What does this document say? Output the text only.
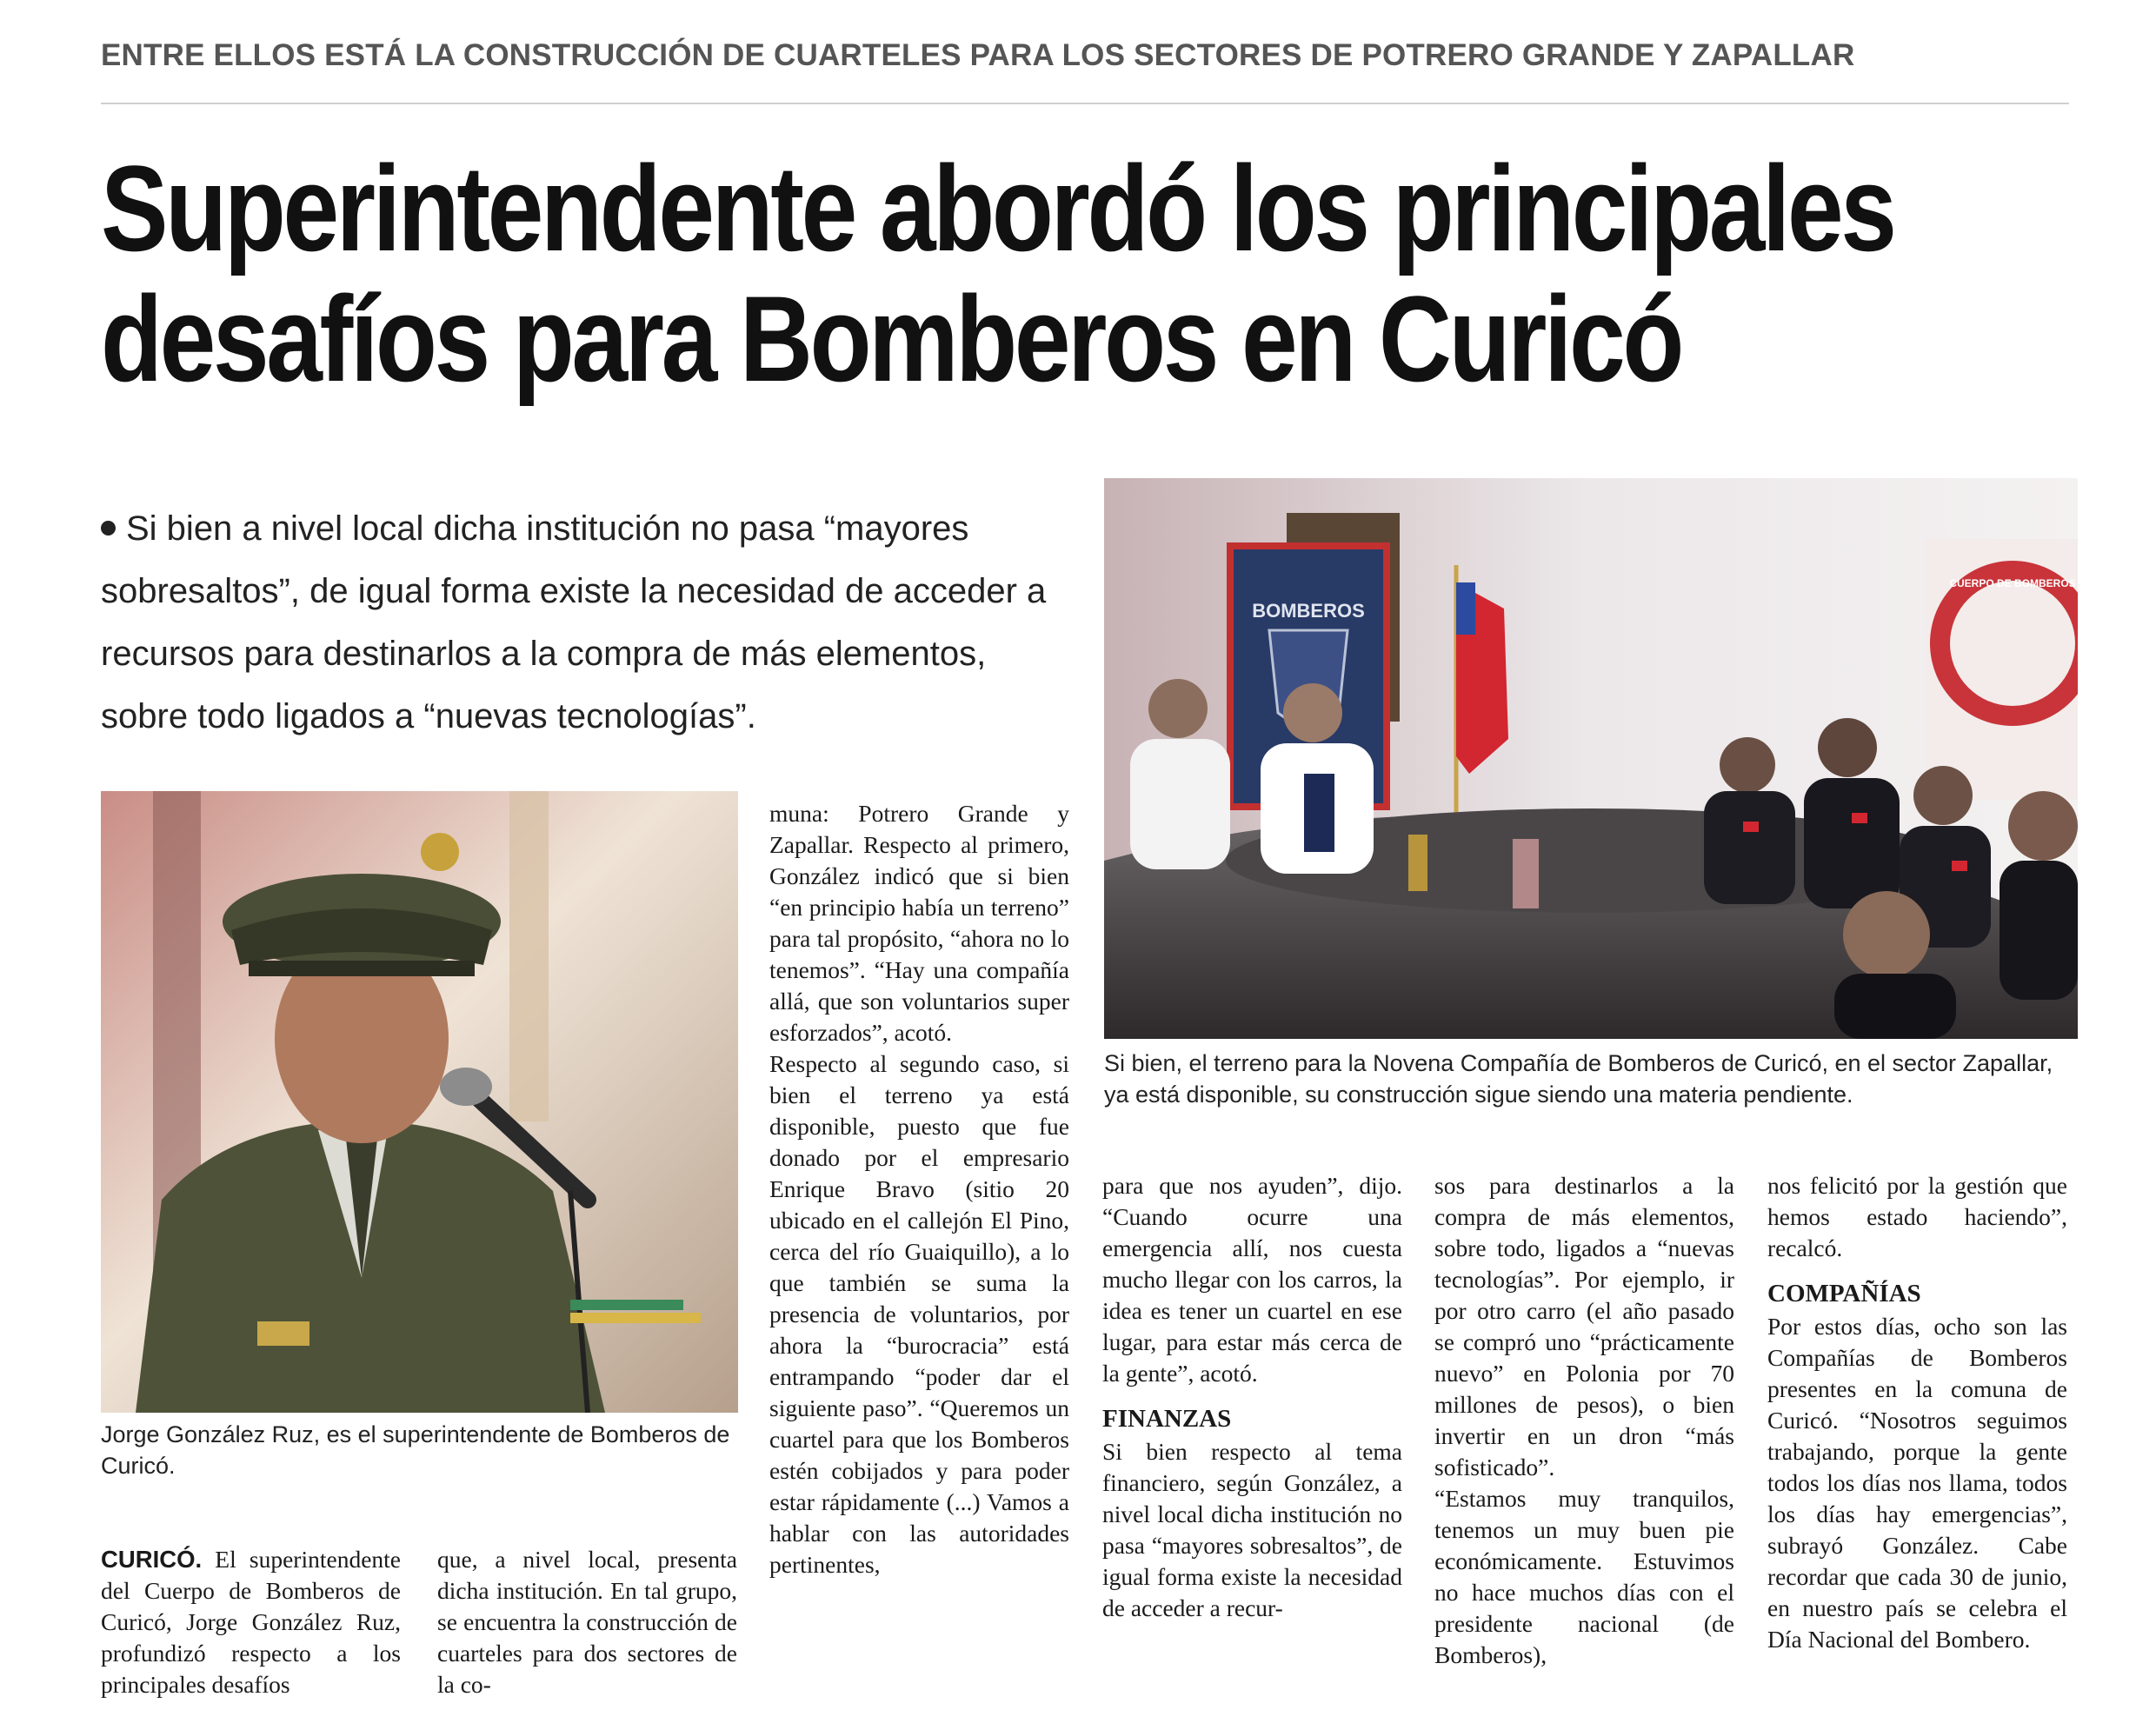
ENTRE ELLOS ESTÁ LA CONSTRUCCIÓN DE CUARTELES PARA LOS SECTORES DE POTRERO GRANDE Y ZAPALLAR
Superintendente abordó los principales
desafíos para Bomberos en Curicó
Si bien a nivel local dicha institución no pasa “mayores sobresaltos”, de igual forma existe la necesidad de acceder a recursos para destinarlos a la compra de más elementos, sobre todo ligados a “nuevas tecnologías”.
BOMBEROS
CUERPO DE BOMBEROS
Si bien, el terreno para la Novena Compañía de Bomberos de Curicó, en el sector Zapallar, ya está disponible, su construcción sigue siendo una materia pendiente.
Jorge González Ruz, es el superintendente de Bomberos de Curicó.

CURICÓ. El superintendente del Cuerpo de Bomberos de Curicó, Jorge González Ruz, profundizó respecto a los principales desafíos

que, a nivel local, presenta dicha institución. En tal grupo, se encuentra la construcción de cuarteles para dos sectores de la co-

muna: Potrero Grande y Zapallar. Respecto al primero, González indicó que si bien “en principio había un terreno” para tal propósito, “ahora no lo tenemos”. “Hay una compañía allá, que son voluntarios super esforzados”, acotó.

Respecto al segundo caso, si bien el terreno ya está disponible, puesto que fue donado por el empresario Enrique Bravo (sitio 20 ubicado en el callejón El Pino, cerca del río Guaiquillo), a lo que también se suma la presencia de voluntarios, por ahora la “burocracia” está entrampando “poder dar el siguiente paso”. “Queremos un cuartel para que los Bomberos estén cobijados y para poder estar rápidamente (...) Vamos a hablar con las autoridades pertinentes,

para que nos ayuden”, dijo. “Cuando ocurre una emergencia allí, nos cuesta mucho llegar con los carros, la idea es tener un cuartel en ese lugar, para estar más cerca de la gente”, acotó.

FINANZAS

Si bien respecto al tema financiero, según González, a nivel local dicha institución no pasa “mayores sobresaltos”, de igual forma existe la necesidad de acceder a recur-

sos para destinarlos a la compra de más elementos, sobre todo, ligados a “nuevas tecnologías”. Por ejemplo, ir por otro carro (el año pasado se compró uno “prácticamente nuevo” en Polonia por 70 millones de pesos), o bien invertir en un dron “más sofisticado”.

“Estamos muy tranquilos, tenemos un muy buen pie económicamente. Estuvimos no hace muchos días con el presidente nacional (de Bomberos),

nos felicitó por la gestión que hemos estado haciendo”, recalcó.

COMPAÑÍAS

Por estos días, ocho son las Compañías de Bomberos presentes en la comuna de Curicó. “Nosotros seguimos trabajando, porque la gente todos los días nos llama, todos los días hay emergencias”, subrayó González. Cabe recordar que cada 30 de junio, en nuestro país se celebra el Día Nacional del Bombero.
